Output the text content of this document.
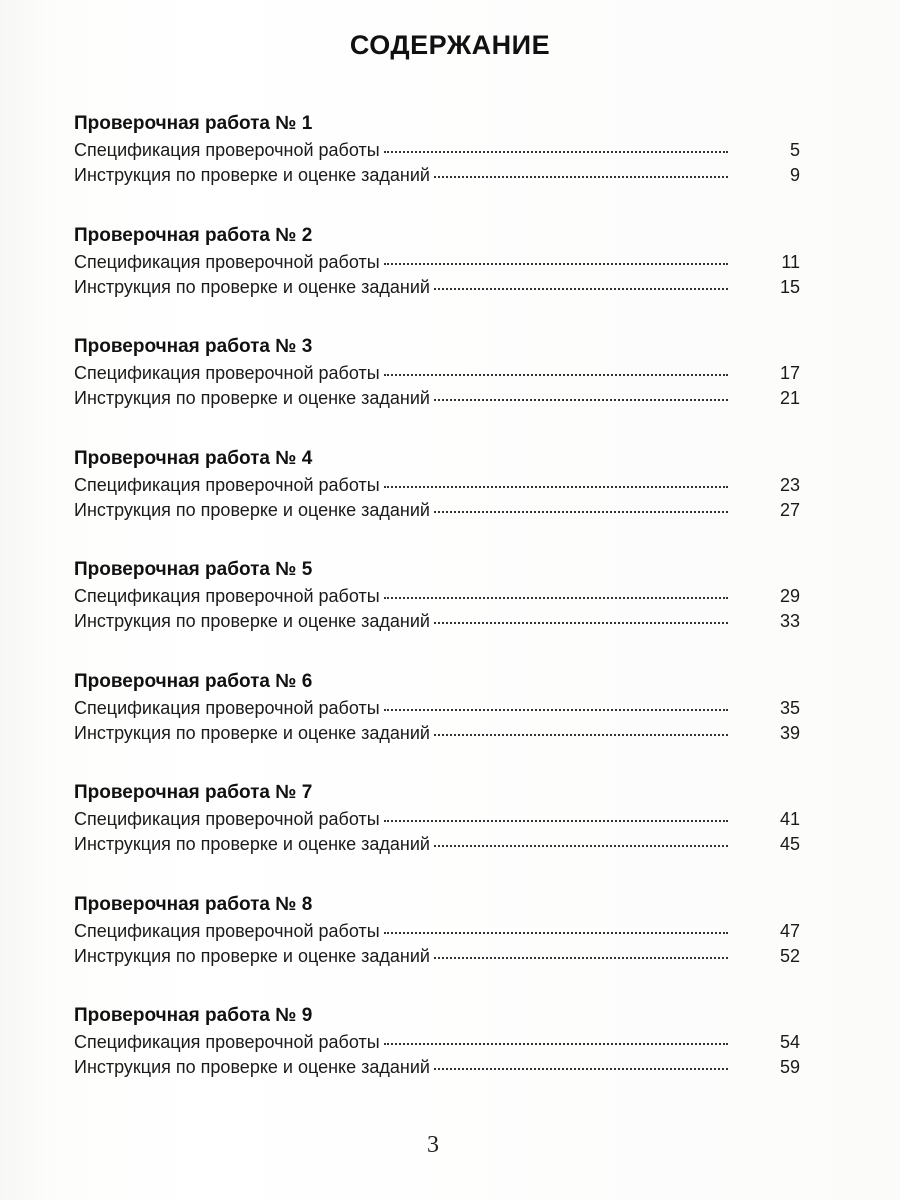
СОДЕРЖАНИЕ
Проверочная работа № 1
Спецификация проверочной работы	5
Инструкция по проверке и оценке заданий	9
Проверочная работа № 2
Спецификация проверочной работы	11
Инструкция по проверке и оценке заданий	15
Проверочная работа № 3
Спецификация проверочной работы	17
Инструкция по проверке и оценке заданий	21
Проверочная работа № 4
Спецификация проверочной работы	23
Инструкция по проверке и оценке заданий	27
Проверочная работа № 5
Спецификация проверочной работы	29
Инструкция по проверке и оценке заданий	33
Проверочная работа № 6
Спецификация проверочной работы	35
Инструкция по проверке и оценке заданий	39
Проверочная работа № 7
Спецификация проверочной работы	41
Инструкция по проверке и оценке заданий	45
Проверочная работа № 8
Спецификация проверочной работы	47
Инструкция по проверке и оценке заданий	52
Проверочная работа № 9
Спецификация проверочной работы	54
Инструкция по проверке и оценке заданий	59
3
